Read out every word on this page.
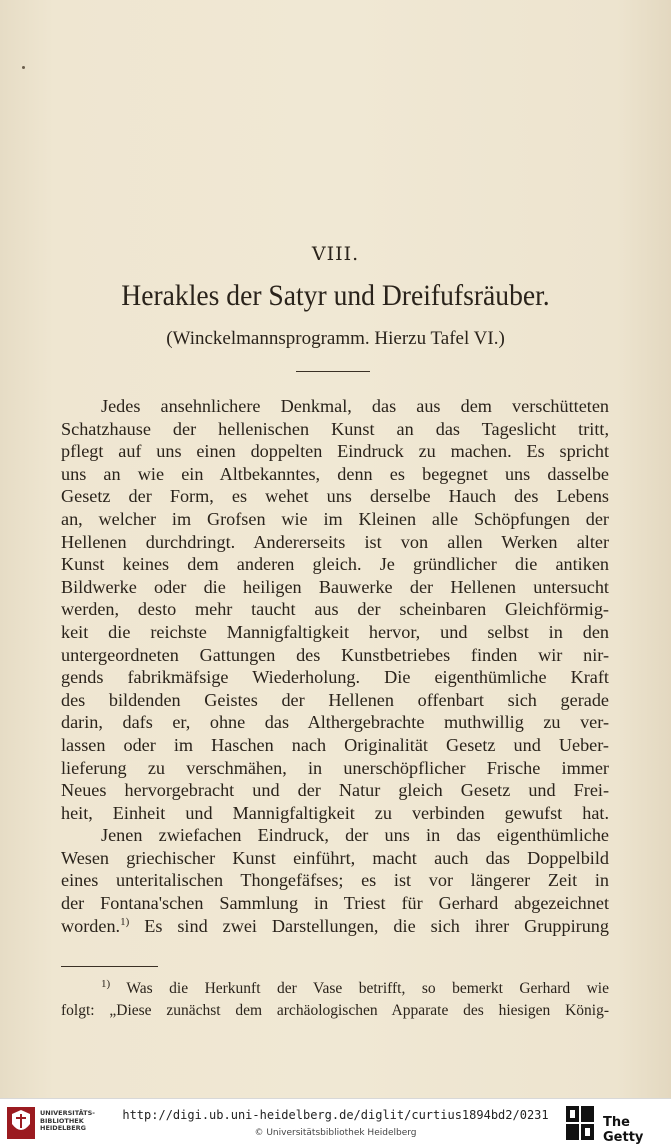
VIII.
Herakles der Satyr und Dreifufsräuber.
(Winckelmannsprogramm. Hierzu Tafel VI.)
Jedes ansehnlichere Denkmal, das aus dem verschütteten
Schatzhause der hellenischen Kunst an das Tageslicht tritt,
pflegt auf uns einen doppelten Eindruck zu machen. Es spricht
uns an wie ein Altbekanntes, denn es begegnet uns dasselbe
Gesetz der Form, es wehet uns derselbe Hauch des Lebens
an, welcher im Grofsen wie im Kleinen alle Schöpfungen der
Hellenen durchdringt. Andererseits ist von allen Werken alter
Kunst keines dem anderen gleich. Je gründlicher die antiken
Bildwerke oder die heiligen Bauwerke der Hellenen untersucht
werden, desto mehr taucht aus der scheinbaren Gleichförmig-
keit die reichste Mannigfaltigkeit hervor, und selbst in den
untergeordneten Gattungen des Kunstbetriebes finden wir nir-
gends fabrikmäfsige Wiederholung. Die eigenthümliche Kraft
des bildenden Geistes der Hellenen offenbart sich gerade
darin, dafs er, ohne das Althergebrachte muthwillig zu ver-
lassen oder im Haschen nach Originalität Gesetz und Ueber-
lieferung zu verschmähen, in unerschöpflicher Frische immer
Neues hervorgebracht und der Natur gleich Gesetz und Frei-
heit, Einheit und Mannigfaltigkeit zu verbinden gewufst hat.
Jenen zwiefachen Eindruck, der uns in das eigenthümliche
Wesen griechischer Kunst einführt, macht auch das Doppelbild
eines unteritalischen Thongefäfses; es ist vor längerer Zeit in
der Fontana'schen Sammlung in Triest für Gerhard abgezeichnet
worden.$^{1)}$ Es sind zwei Darstellungen, die sich ihrer Gruppirung
$^{1)}$ Was die Herkunft der Vase betrifft, so bemerkt Gerhard wie
folgt: „Diese zunächst dem archäologischen Apparate des hiesigen König‐
UNIVERSITÄTS-
BIBLIOTHEK
HEIDELBERG
http://digi.ub.uni-heidelberg.de/diglit/curtius1894bd2/0231
© Universitätsbibliothek Heidelberg
The Getty
